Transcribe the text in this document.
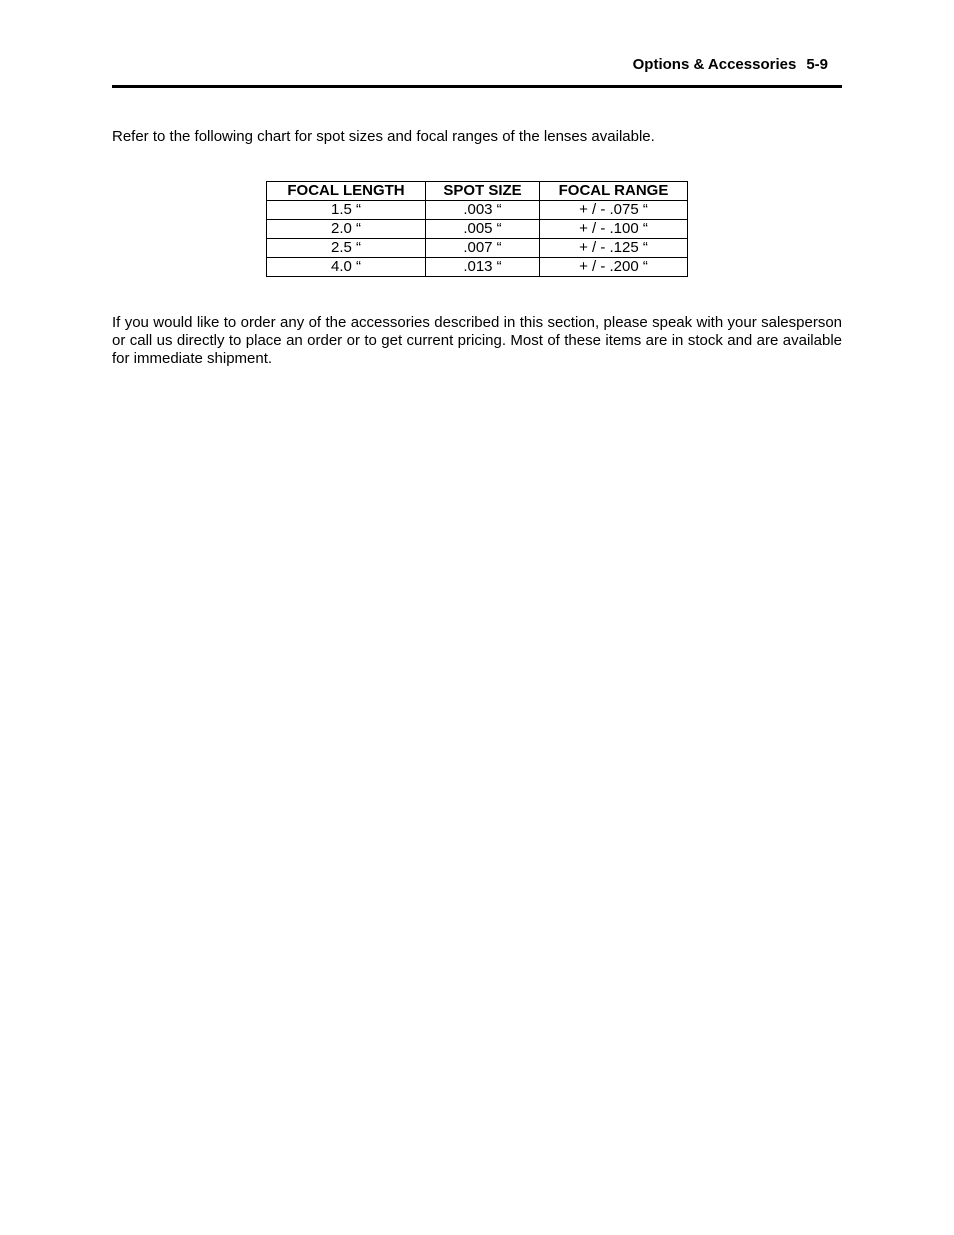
Options & Accessories 5-9
Refer to the following chart for spot sizes and focal ranges of the lenses available.
FOCAL LENGTH	SPOT SIZE	FOCAL RANGE
1.5 “	.003 “	+ / - .075 “
2.0 “	.005 “	+ / - .100 “
2.5 “	.007 “	+ / - .125 “
4.0 “	.013 “	+ / - .200 “
If you would like to order any of the accessories described in this section, please speak with your salesperson or call us directly to place an order or to get current pricing. Most of these items are in stock and are available for immediate shipment.
